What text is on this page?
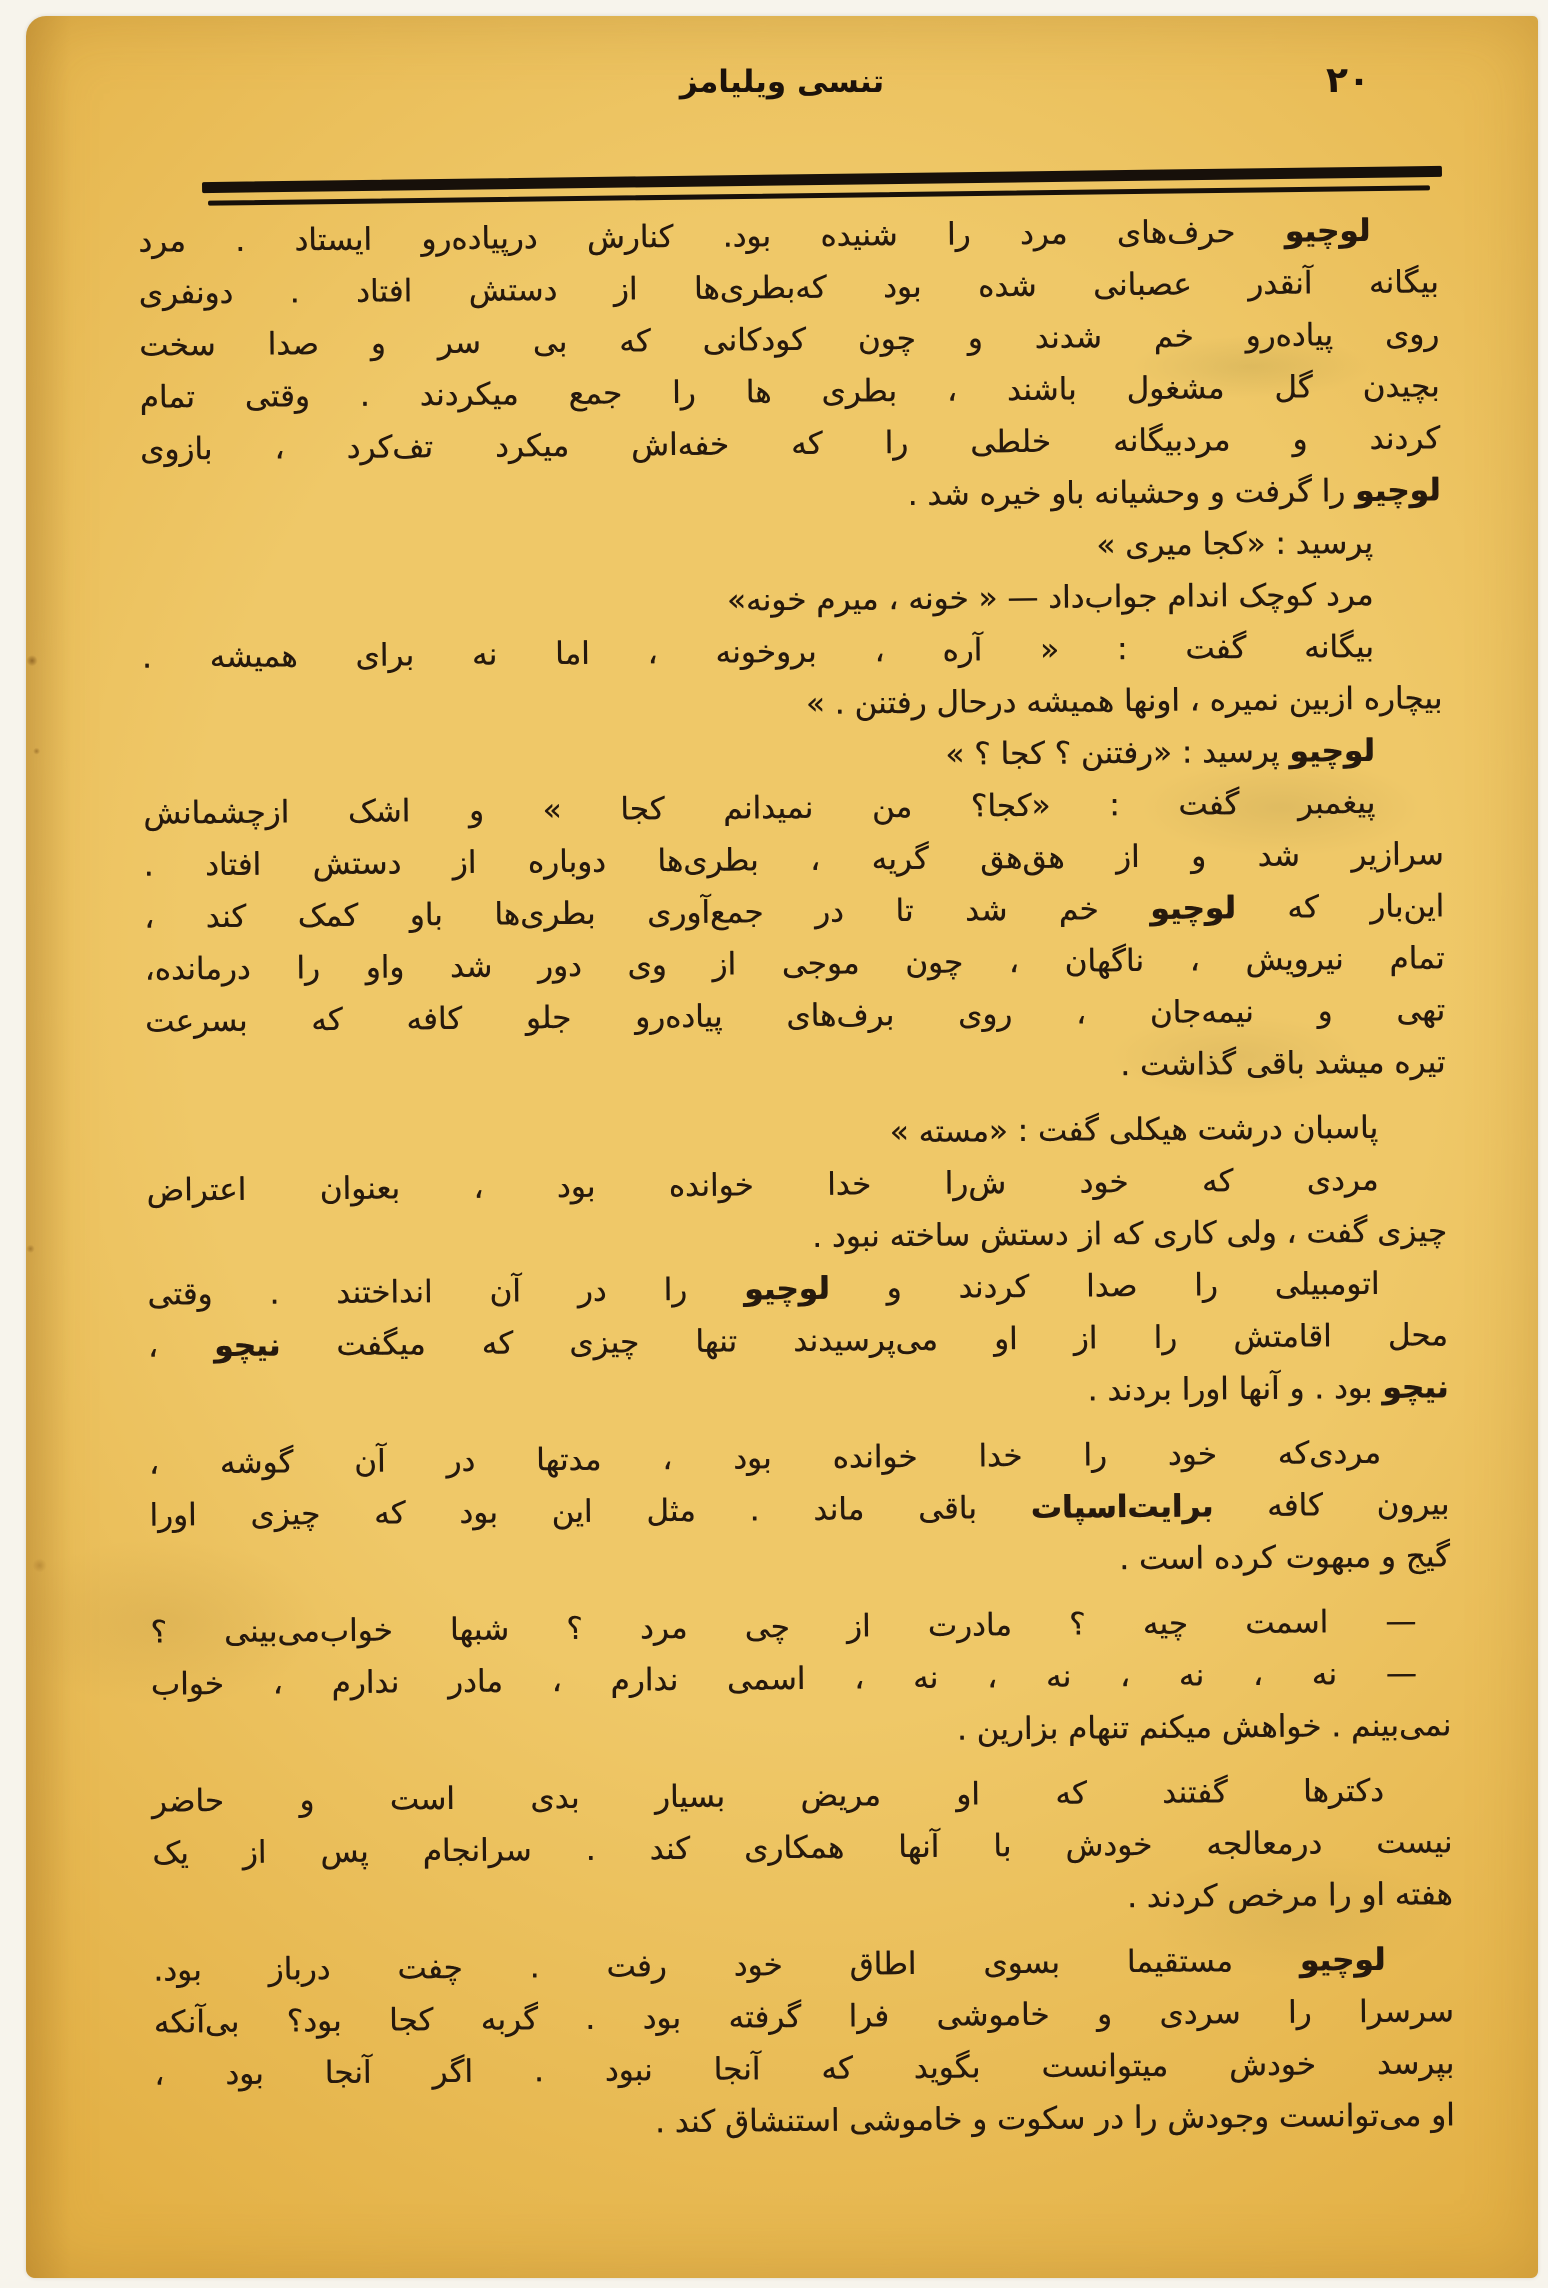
۲۰
تنسی ویلیامز
لوچیو حرف‌های مرد را شنیده بود. کنارش درپیاده‌رو ایستاد . مرد
بیگانه آنقدر عصبانی شده بود که‌بطری‌ها از دستش افتاد . دونفری
روی پیاده‌رو خم شدند و چون کودکانی که بی سر و صدا سخت
بچیدن گل مشغول باشند ، بطری ها را جمع میکردند . وقتی تمام
کردند و مردبیگانه خلطی را که خفه‌اش میکرد تف‌کرد ، بازوی
لوچیو را گرفت و وحشیانه باو خیره شد .
پرسید : «کجا میری »
مرد کوچک اندام جواب‌داد — « خونه ، میرم خونه»
بیگانه گفت : « آره ، بروخونه ، اما نه برای همیشه .
بیچاره ازبین نمیره ، اونها همیشه درحال رفتنن . »
لوچیو پرسید : «رفتنن ؟ کجا ؟ »
پیغمبر گفت : «کجا؟ من نمیدانم کجا » و اشک ازچشمانش
سرازیر شد و از هق‌هق گریه ، بطری‌ها دوباره از دستش افتاد .
این‌بار که لوچیو خم شد تا در جمع‌آوری بطری‌ها باو کمک کند ،
تمام نیرویش ، ناگهان ، چون موجی از وی دور شد واو را درمانده،
تهی و نیمه‌جان ، روی برف‌های پیاده‌رو جلو کافه که بسرعت
تیره میشد باقی گذاشت .
پاسبان درشت هیکلی گفت : «مسته »
مردی که خود ش‌را خدا خوانده بود ، بعنوان اعتراض
چیزی گفت ، ولی کاری که از دستش ساخته نبود .
اتومبیلی را صدا کردند و لوچیو را در آن انداختند . وقتی
محل اقامتش را از او می‌پرسیدند تنها چیزی که میگفت نیچو ،
نیچو بود . و آنها اورا بردند .
مردی‌که خود را خدا خوانده بود ، مدتها در آن گوشه ،
بیرون کافه برایت‌اسپات باقی ماند . مثل این بود که چیزی اورا
گیج و مبهوت کرده است .
— اسمت چیه ؟ مادرت از چی مرد ؟ شبها خواب‌می‌بینی ؟
— نه ، نه ، نه ، نه ، اسمی ندارم ، مادر ندارم ، خواب
نمی‌بینم . خواهش میکنم تنهام بزارین .
دکترها گفتند که او مریض بسیار بدی است و حاضر
نیست درمعالجه خودش با آنها همکاری کند . سرانجام پس از یک
هفته او را مرخص کردند .
لوچیو مستقیما بسوی اطاق خود رفت . چفت درباز بود.
سرسرا را سردی و خاموشی فرا گرفته بود . گربه کجا بود؟ بی‌آنکه
بپرسد خودش میتوانست بگوید که آنجا نبود . اگر آنجا بود ،
او می‌توانست وجودش را در سکوت و خاموشی استنشاق کند .
